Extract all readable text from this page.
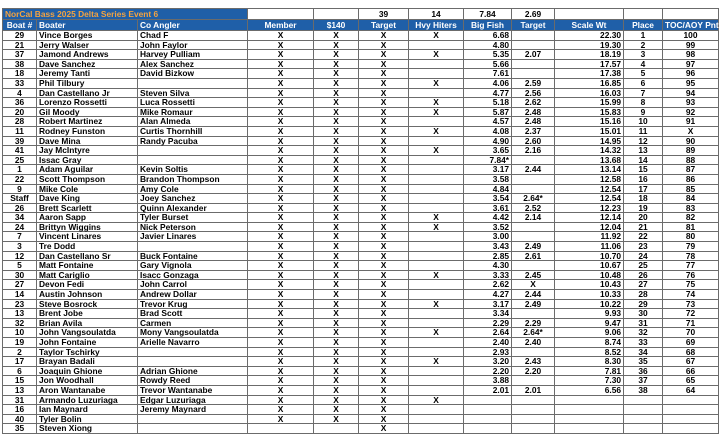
NorCal Bass 2025 Delta Series Event 6					39	14	7.84	2.69			
Boat #	Boater	Co Angler	Member	$140	Target	Hvy Hiters	Big Fish	Target	Scale Wt	Place	TOC/AOY Pnts
29	Vince Borges	Chad F	X	X	X	X	6.68		22.30	1	100
21	Jerry Walser	John Faylor	X	X	X		4.80		19.30	2	99
37	Jamond Andrews	Harvey Pulliam	X	X	X	X	5.35	2.07	18.19	3	98
38	Dave Sanchez	Alex Sanchez	X	X	X		5.66		17.57	4	97
18	Jeremy Tanti	David Bizkow	X	X	X		7.61		17.38	5	96
33	Phil Tilbury		X	X	X	X	4.06	2.59	16.85	6	95
4	Dan Castellano Jr	Steven Silva	X	X	X		4.77	2.56	16.03	7	94
36	Lorenzo Rossetti	Luca Rossetti	X	X	X	X	5.18	2.62	15.99	8	93
20	Gil Moody	Mike Romaur	X	X	X	X	5.87	2.48	15.83	9	92
28	Robert Martinez	Alan Almeda	X	X	X		4.57	2.48	15.16	10	91
11	Rodney Funston	Curtis Thornhill	X	X	X	X	4.08	2.37	15.01	11	X
39	Dave Mina	Randy Pacuba	X	X	X		4.90	2.60	14.95	12	90
41	Jay McIntyre		X	X	X	X	3.65	2.16	14.32	13	89
25	Issac Gray		X	X	X		7.84*		13.68	14	88
1	Adam Aguilar	Kevin Soltis	X	X	X		3.17	2.44	13.14	15	87
22	Scott Thompson	Brandon Thompson	X	X	X		3.58		12.58	16	86
9	Mike Cole	Amy Cole	X	X	X		4.84		12.54	17	85
Staff	Dave King	Joey Sanchez	X	X	X		3.54	2.64*	12.54	18	84
26	Brett Scarlett	Quinn Alexander	X	X	X		3.61	2.52	12.23	19	83
34	Aaron Sapp	Tyler Burset	X	X	X	X	4.42	2.14	12.14	20	82
24	Brittyn Wiggins	Nick Peterson	X	X	X	X	3.52		12.04	21	81
7	Vincent Linares	Javier Linares	X	X	X		3.00		11.92	22	80
3	Tre Dodd		X	X	X		3.43	2.49	11.06	23	79
12	Dan Castellano Sr	Buck Fontaine	X	X	X		2.85	2.61	10.70	24	78
5	Matt Fontaine	Gary Vignola	X	X	X		4.30		10.67	25	77
30	Matt Cariglio	Isacc Gonzaga	X	X	X	X	3.33	2.45	10.48	26	76
27	Devon Fedi	John Carrol	X	X	X		2.62	X	10.43	27	75
14	Austin Johnson	Andrew Dollar	X	X	X		4.27	2.44	10.33	28	74
23	Steve Bosrock	Trevor Krug	X	X	X	X	3.17	2.49	10.22	29	73
13	Brent Jobe	Brad Scott	X	X	X		3.34		9.93	30	72
32	Brian Avila	Carmen	X	X	X		2.29	2.29	9.47	31	71
10	John Vangsoulatda	Mony Vangsoulatda	X	X	X	X	2.64	2.64*	9.06	32	70
19	John Fontaine	Arielle Navarro	X	X	X		2.40	2.40	8.74	33	69
2	Taylor Tschirky		X	X	X		2.93		8.52	34	68
17	Brayan Badali		X	X	X	X	3.20	2.43	8.30	35	67
6	Joaquin Ghione	Adrian Ghione	X	X	X		2.20	2.20	7.81	36	66
15	Jon Woodhall	Rowdy Reed	X	X	X		3.88		7.30	37	65
13	Aron Wantanabe	Trevor Wantanabe	X	X	X		2.01	2.01	6.56	38	64
31	Armando Luzuriaga	Edgar Luzuriaga	X	X	X	X					
16	Ian Maynard	Jeremy Maynard	X	X	X						
40	Tyler Bolin		X	X	X						
35	Steven Xiong				X						
